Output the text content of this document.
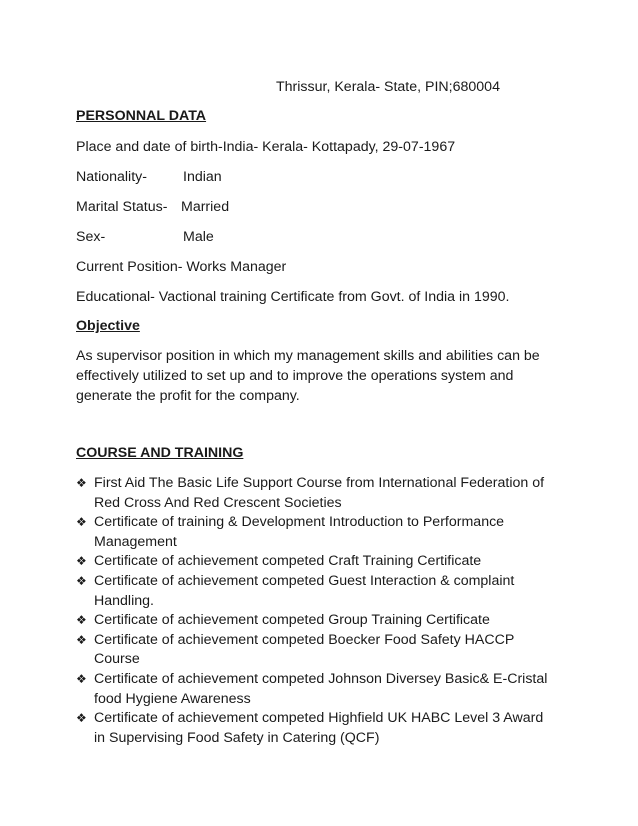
Thrissur, Kerala- State, PIN;680004
PERSONNAL DATA
Place and date of birth-India- Kerala- Kottapady, 29-07-1967
Nationality-	Indian
Marital Status- Married
Sex-	Male
Current Position- Works Manager
Educational- Vactional training Certificate from Govt. of India in 1990.
Objective

As supervisor position in which my management skills and abilities can be

effectively utilized to set up and to improve the operations system and

generate the profit for the company.

COURSE AND TRAINING
❖ First Aid The Basic Life Support Course from International Federation of
Red Cross And Red Crescent Societies
❖ Certificate of training & Development Introduction to Performance
Management
❖ Certificate of achievement competed Craft Training Certificate
❖ Certificate of achievement competed Guest Interaction & complaint
Handling.
❖ Certificate of achievement competed Group Training Certificate
❖ Certificate of achievement competed Boecker Food Safety HACCP
Course
❖ Certificate of achievement competed Johnson Diversey Basic& E-Cristal
food Hygiene Awareness
❖ Certificate of achievement competed Highfield UK HABC Level 3 Award
in Supervising Food Safety in Catering (QCF)
